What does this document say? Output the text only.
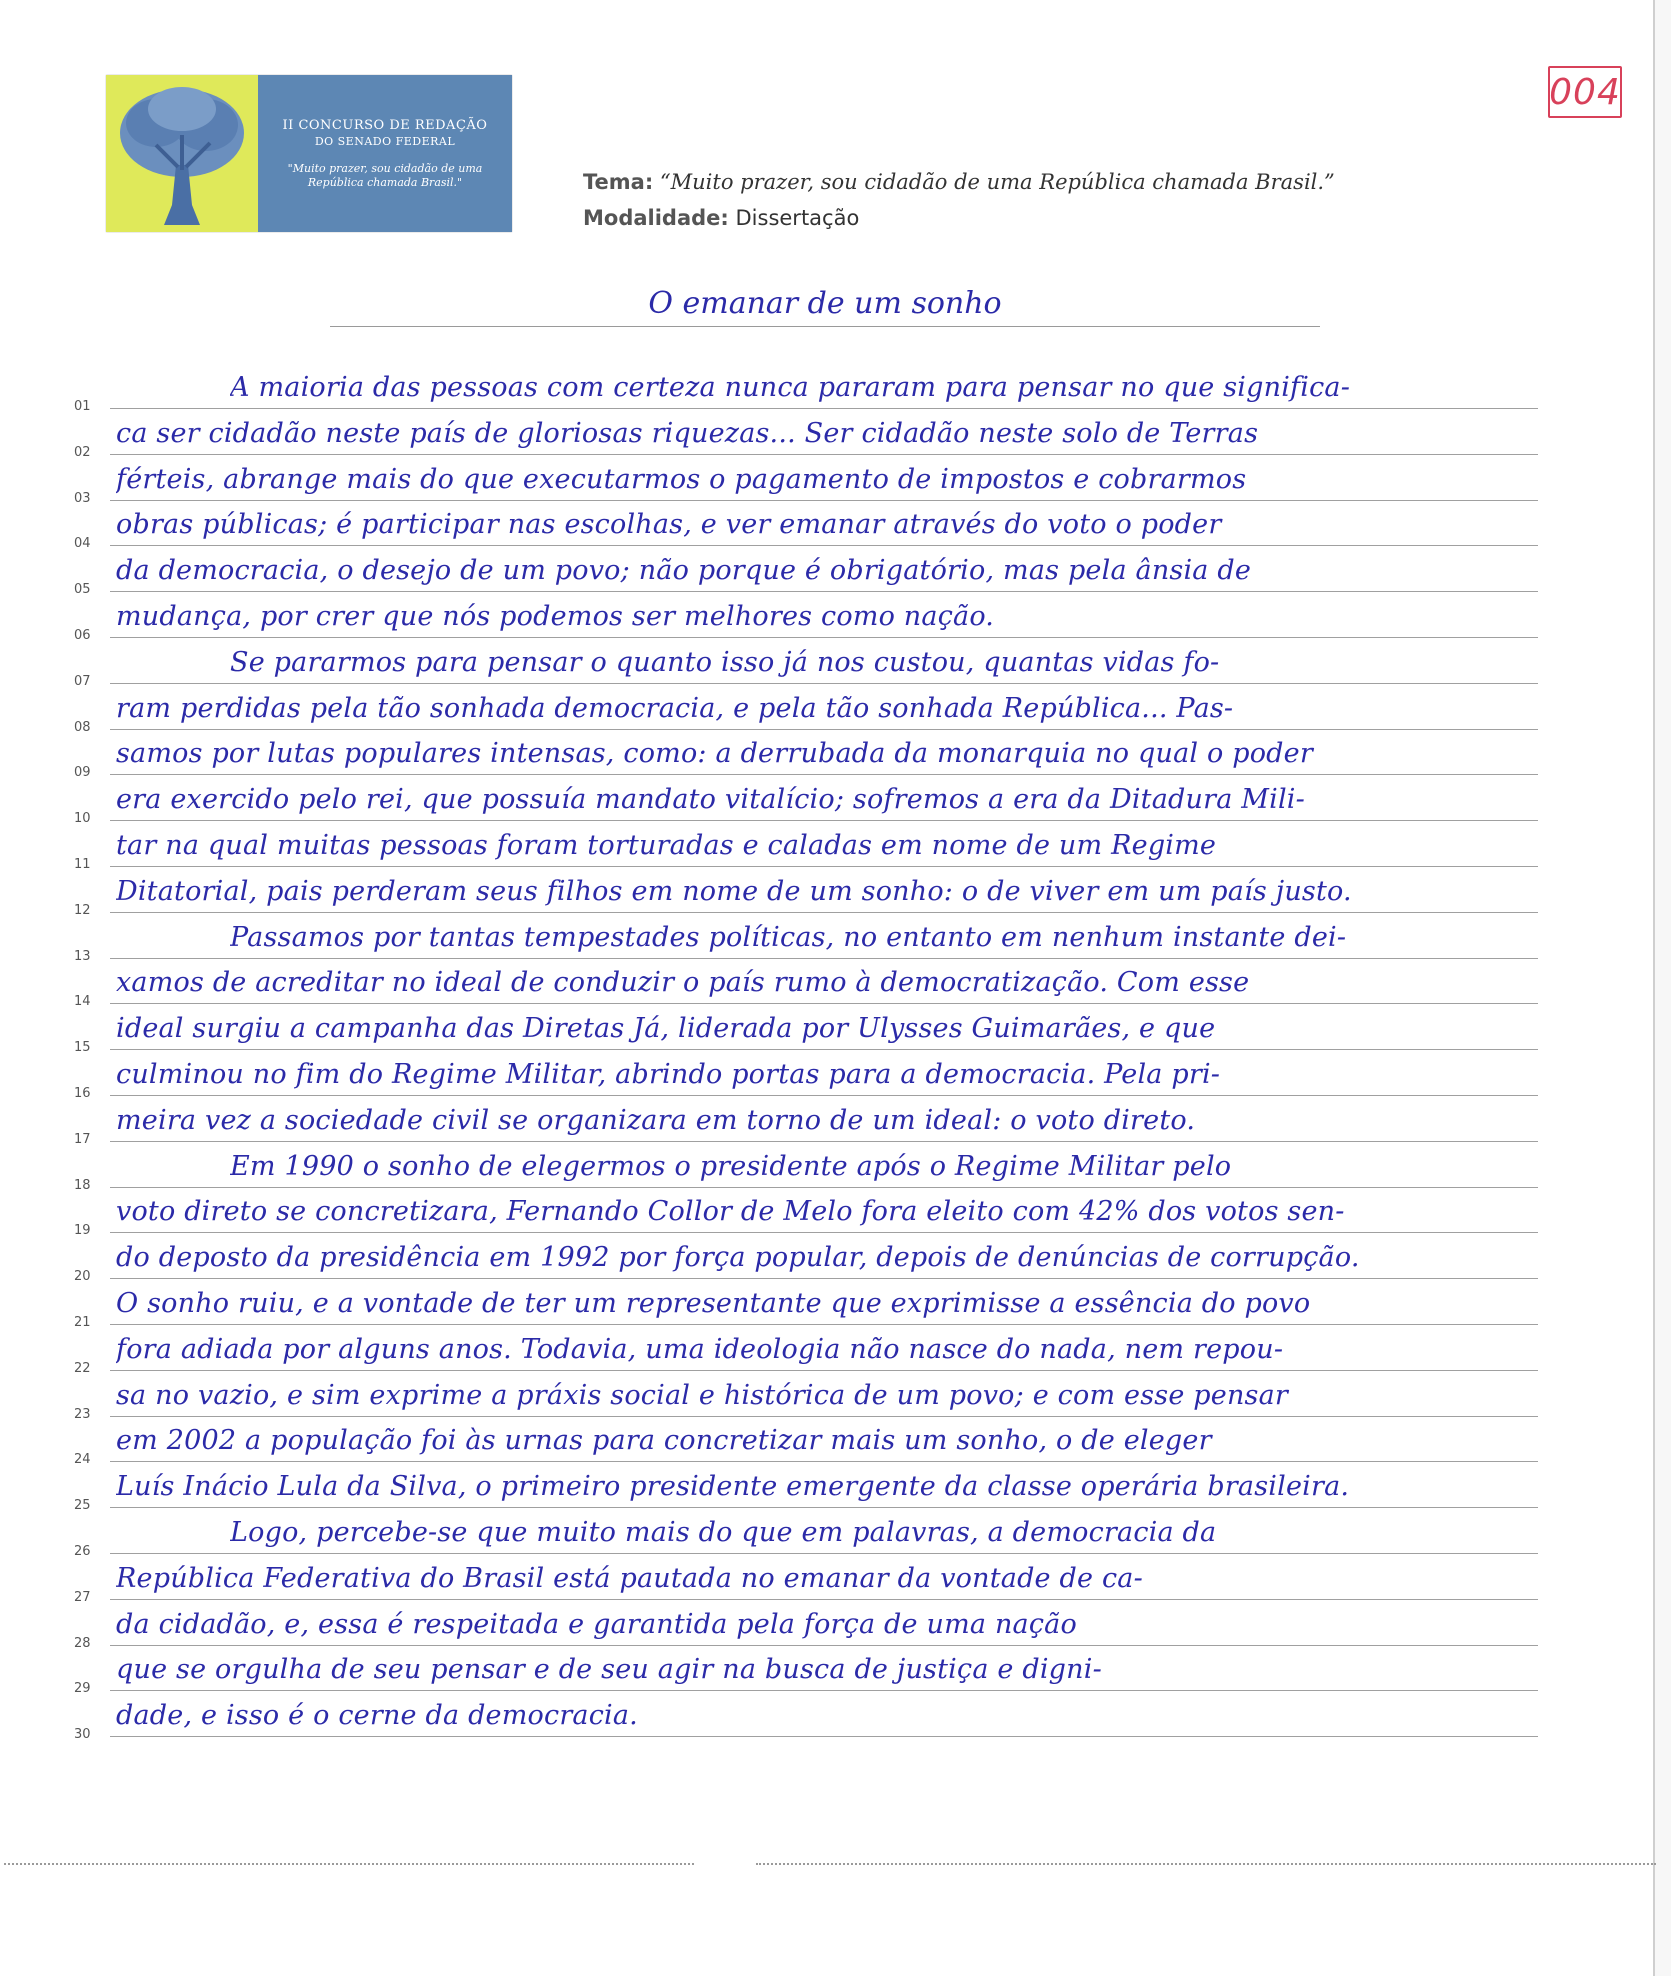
II CONCURSO DE REDAÇÃO
DO SENADO FEDERAL
"Muito prazer, sou cidadão de uma República chamada Brasil."
004
Tema: “Muito prazer, sou cidadão de uma República chamada Brasil.”
Modalidade: Dissertação
O emanar de um sonho
01
A maioria das pessoas com certeza nunca pararam para pensar no que significa-
02
ca ser cidadão neste país de gloriosas riquezas... Ser cidadão neste solo de Terras
03
férteis, abrange mais do que executarmos o pagamento de impostos e cobrarmos
04
obras públicas; é participar nas escolhas, e ver emanar através do voto o poder
05
da democracia, o desejo de um povo; não porque é obrigatório, mas pela ânsia de
06
mudança, por crer que nós podemos ser melhores como nação.
07
Se pararmos para pensar o quanto isso já nos custou, quantas vidas fo-
08
ram perdidas pela tão sonhada democracia, e pela tão sonhada República... Pas-
09
samos por lutas populares intensas, como: a derrubada da monarquia no qual o poder
10
era exercido pelo rei, que possuía mandato vitalício; sofremos a era da Ditadura Mili-
11
tar na qual muitas pessoas foram torturadas e caladas em nome de um Regime
12
Ditatorial, pais perderam seus filhos em nome de um sonho: o de viver em um país justo.
13
Passamos por tantas tempestades políticas, no entanto em nenhum instante dei-
14
xamos de acreditar no ideal de conduzir o país rumo à democratização. Com esse
15
ideal surgiu a campanha das Diretas Já, liderada por Ulysses Guimarães, e que
16
culminou no fim do Regime Militar, abrindo portas para a democracia. Pela pri-
17
meira vez a sociedade civil se organizara em torno de um ideal: o voto direto.
18
Em 1990 o sonho de elegermos o presidente após o Regime Militar pelo
19
voto direto se concretizara, Fernando Collor de Melo fora eleito com 42% dos votos sen-
20
do deposto da presidência em 1992 por força popular, depois de denúncias de corrupção.
21
O sonho ruiu, e a vontade de ter um representante que exprimisse a essência do povo
22
fora adiada por alguns anos. Todavia, uma ideologia não nasce do nada, nem repou-
23
sa no vazio, e sim exprime a práxis social e histórica de um povo; e com esse pensar
24
em 2002 a população foi às urnas para concretizar mais um sonho, o de eleger
25
Luís Inácio Lula da Silva, o primeiro presidente emergente da classe operária brasileira.
26
Logo, percebe-se que muito mais do que em palavras, a democracia da
27
República Federativa do Brasil está pautada no emanar da vontade de ca-
28
da cidadão, e, essa é respeitada e garantida pela força de uma nação
29
que se orgulha de seu pensar e de seu agir na busca de justiça e digni-
30
dade, e isso é o cerne da democracia.
